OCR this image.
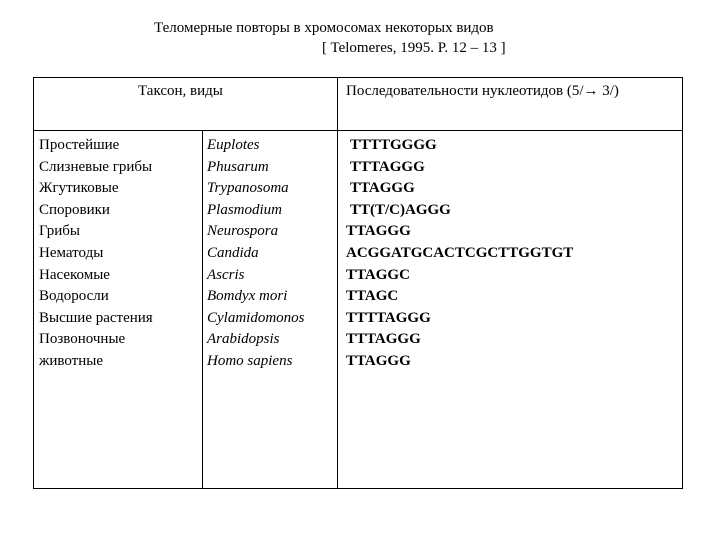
Теломерные повторы в хромосомах некоторых видов
[ Telomeres, 1995. P. 12 – 13 ]
Таксон, виды	Последовательности нуклеотидов (5/→ 3/)
Простейшие
Слизневые грибы
Жгутиковые
Споровики
Грибы
Нематоды
Насекомые
Водоросли
Высшие растения
Позвоночные
животные
Euplotes
Phusarum
Trypanosoma
Plasmodium
Neurospora
Candida
Ascris
Bomdyx mori
Cylamidomonos
Arabidopsis
Homo sapiens
TTTTGGGG
TTTAGGG
TTAGGG
TT(T/C)AGGG
TTAGGG
ACGGATGCACTCGCTTGGTGT
TTAGGC
TTAGC
TTTTAGGG
TTTAGGG
TTAGGG
